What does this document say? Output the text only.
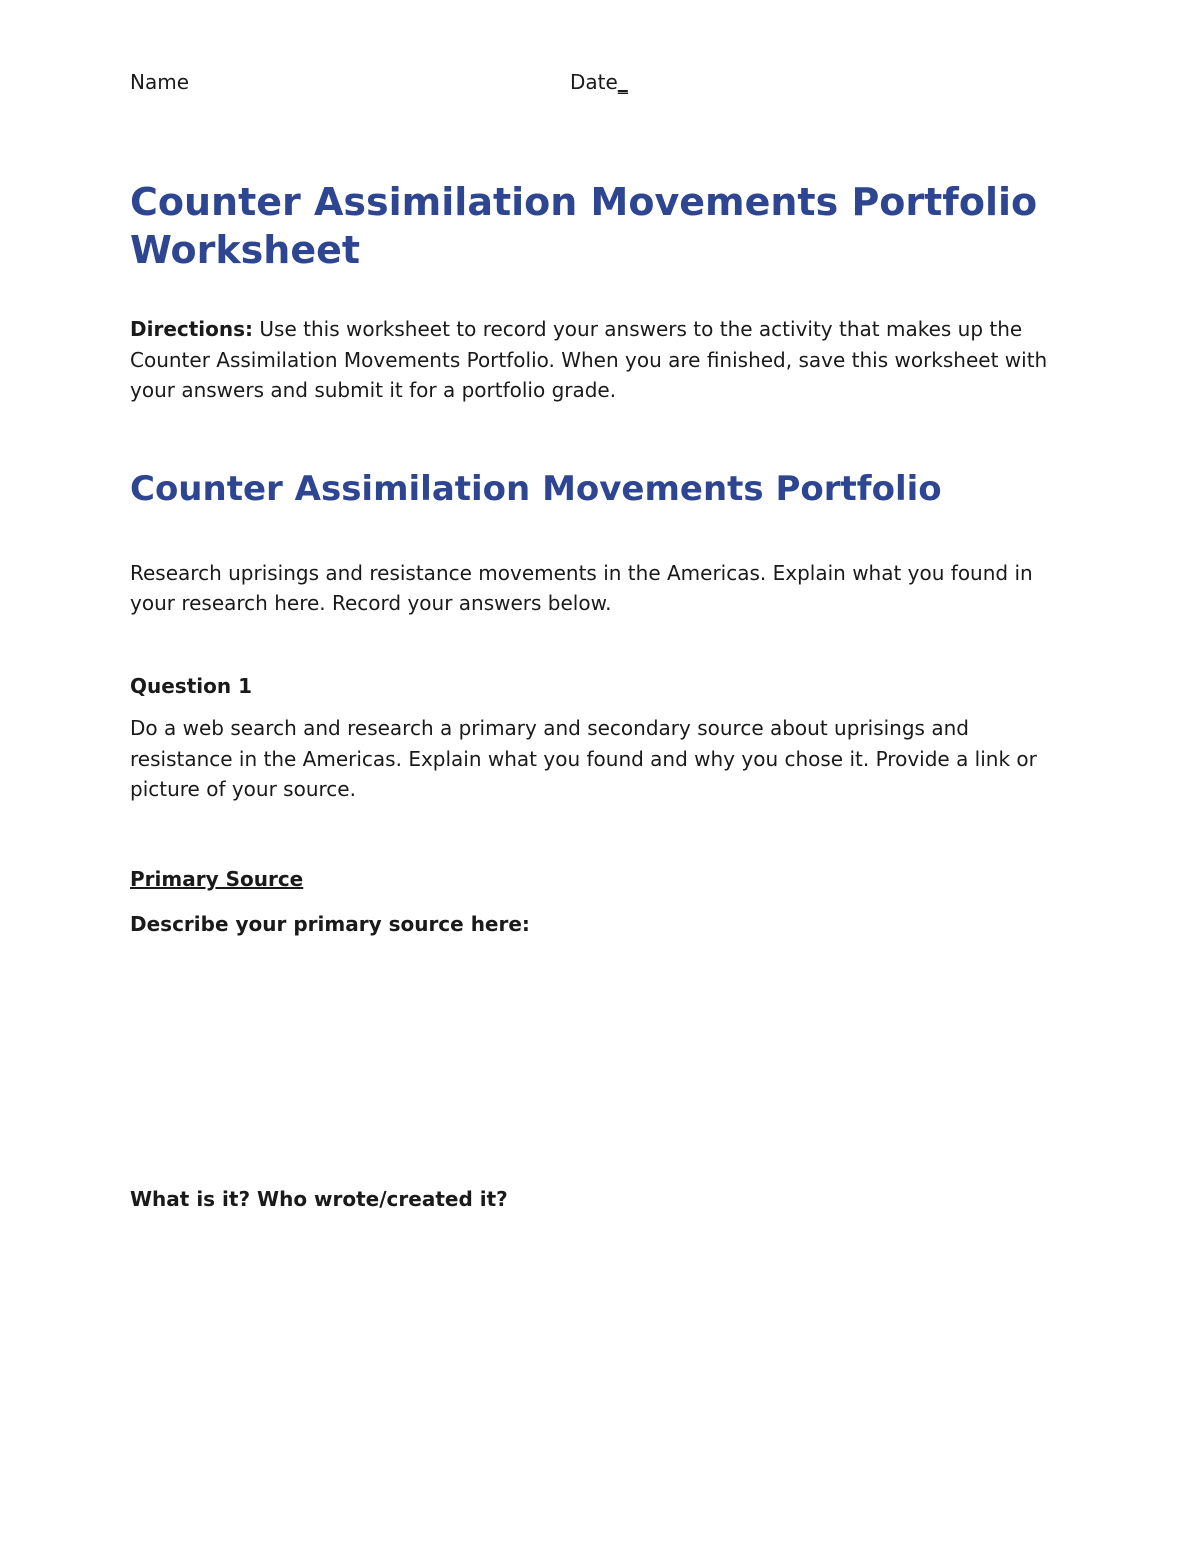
Name	Date_
Counter Assimilation Movements Portfolio Worksheet

Directions: Use this worksheet to record your answers to the activity that makes up the Counter Assimilation Movements Portfolio. When you are finished, save this worksheet with your answers and submit it for a portfolio grade.

Counter Assimilation Movements Portfolio

Research uprisings and resistance movements in the Americas. Explain what you found in your research here. Record your answers below.

Question 1

Do a web search and research a primary and secondary source about uprisings and resistance in the Americas. Explain what you found and why you chose it. Provide a link or picture of your source.

Primary Source

Describe your primary source here:

What is it? Who wrote/created it?
